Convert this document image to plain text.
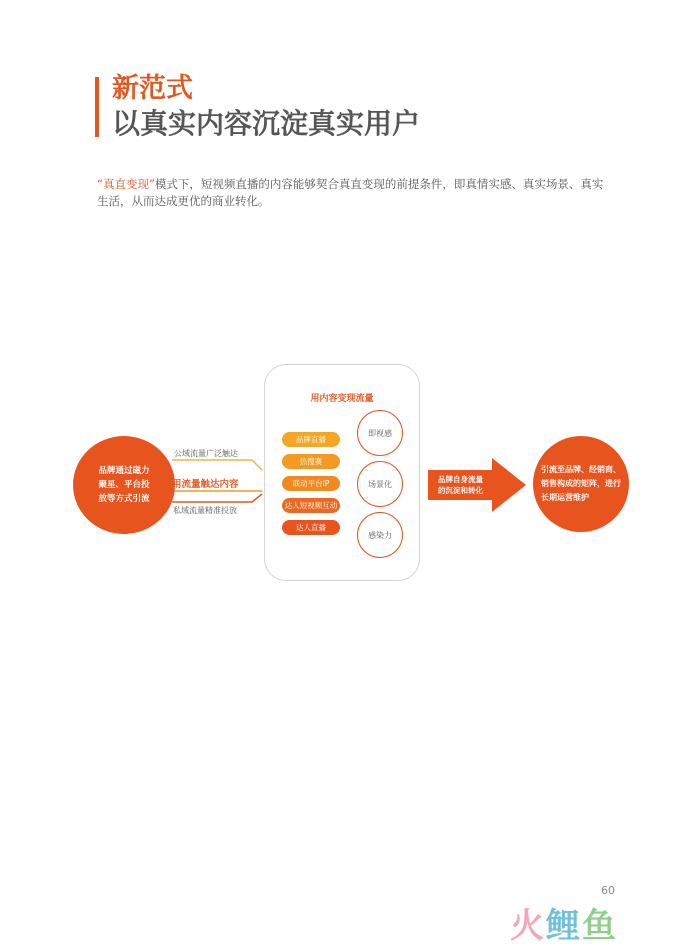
新范式
以真实内容沉淀真实用户
“真直变现”模式下，短视频直播的内容能够契合真直变现的前提条件，即真情实感、真实场景、真实生活，从而达成更优的商业转化。
品牌通过磁力
聚星、平台投
放等方式引流
公域流量广泛触达
用流量触达内容
私域流量精准投放
用内容变现流量
品牌直播
热搜赛
联动平台IP
达人短视频互动
达人直播
即视感
场景化
感染力
品牌自身流量
的沉淀和转化
引流至品牌、经销商、
销售构成的矩阵，进行
长期运营维护
60
火鲤鱼
